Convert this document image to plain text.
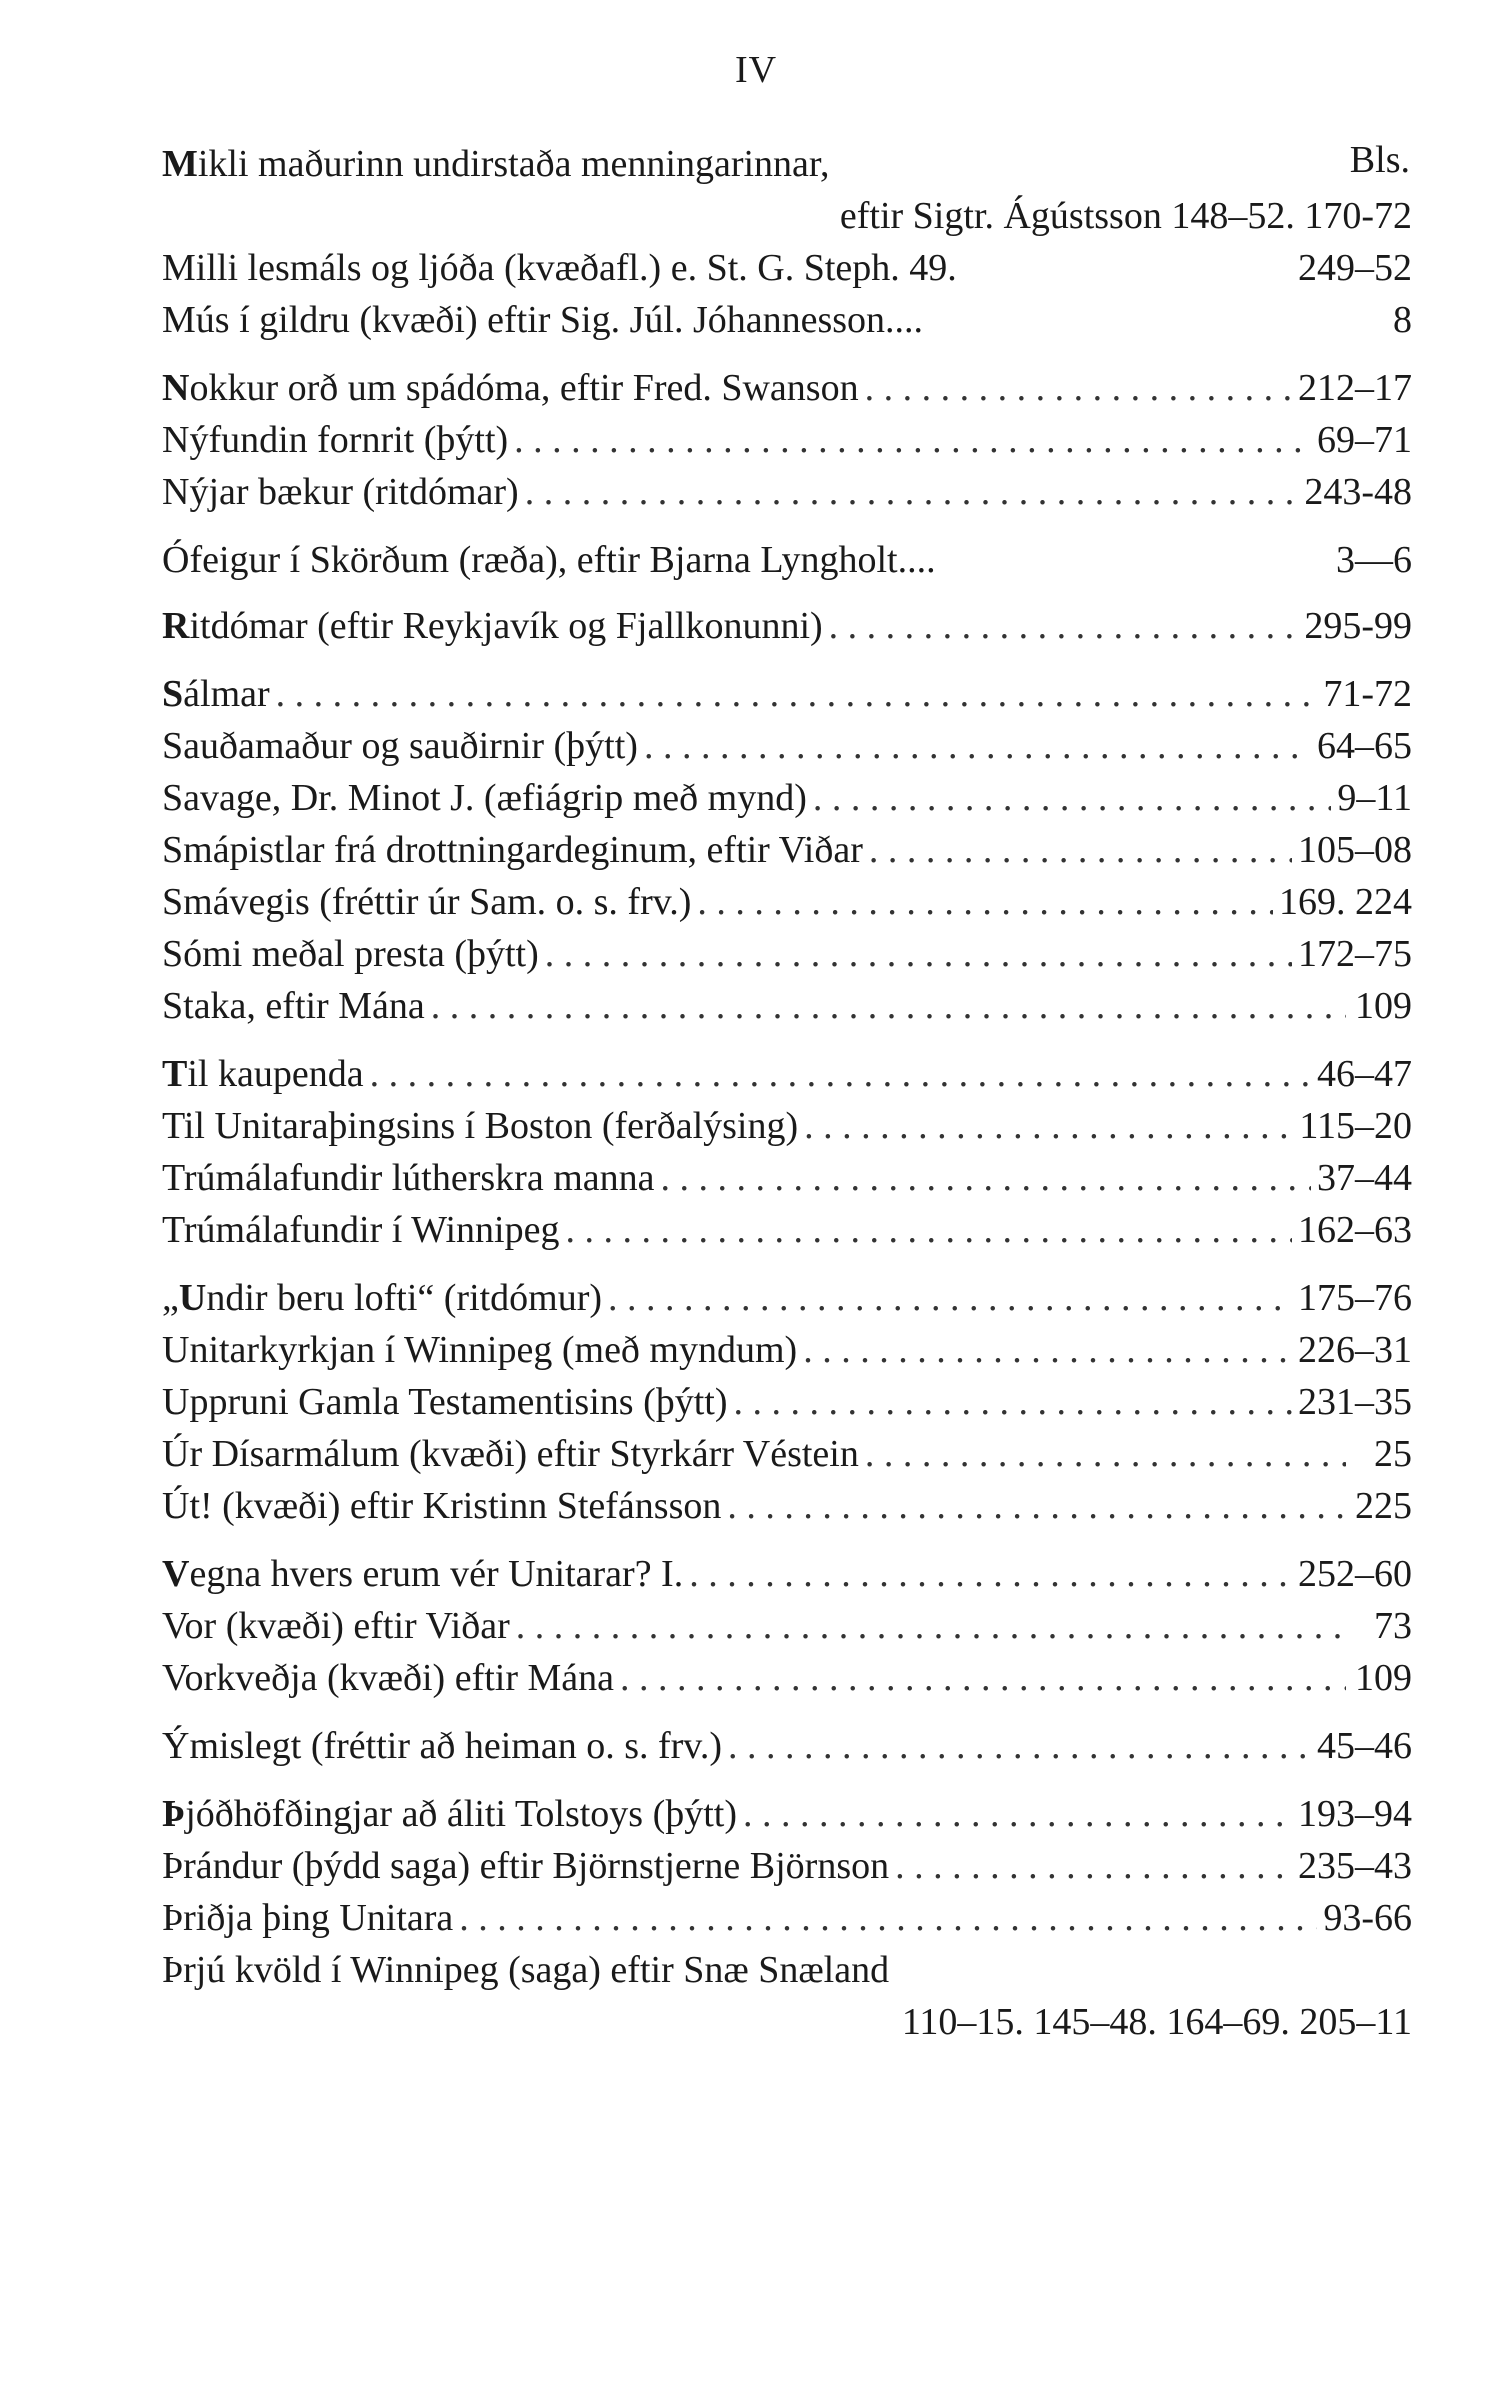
IV
Bls.
Mikli maðurinn undirstaða menningarinnar,
eftir Sigtr. Ágústsson 148–52. 170-72
Milli lesmáls og ljóða (kvæðafl.) e. St. G. Steph. 49.	249–52
Mús í gildru (kvæði) eftir Sig. Júl. Jóhannesson....	8
Nokkur orð um spádóma, eftir Fred. Swanson . . .	212–17
Nýfundin fornrit (þýtt) . . .	69–71
Nýjar bækur (ritdómar) . . .	243-48
Ófeigur í Skörðum (ræða), eftir Bjarna Lyngholt....	3—6
Ritdómar (eftir Reykjavík og Fjallkonunni) . . .	295-99
Sálmar . . .	71-72
Sauðamaður og sauðirnir (þýtt) . . .	64–65
Savage, Dr. Minot J. (æfiágrip með mynd) . . .	9–11
Smápistlar frá drottningardeginum, eftir Viðar . . .	105–08
Smávegis (fréttir úr Sam. o. s. frv.) . . .	169. 224
Sómi meðal presta (þýtt) . . .	172–75
Staka, eftir Mána . . .	109
Til kaupenda . . .	46–47
Til Unitaraþingsins í Boston (ferðalýsing) . . .	115–20
Trúmálafundir lútherskra manna . . .	37–44
Trúmálafundir í Winnipeg . . .	162–63
„Undir beru lofti“ (ritdómur) . . .	175–76
Unitarkyrkjan í Winnipeg (með myndum) . . .	226–31
Uppruni Gamla Testamentisins (þýtt) . . .	231–35
Úr Dísarmálum (kvæði) eftir Styrkárr Véstein . . .	25
Út! (kvæði) eftir Kristinn Stefánsson . . .	225
Vegna hvers erum vér Unitarar? I. . . .	252–60
Vor (kvæði) eftir Viðar . . .	73
Vorkveðja (kvæði) eftir Mána . . .	109
Ýmislegt (fréttir að heiman o. s. frv.) . . .	45–46
Þjóðhöfðingjar að áliti Tolstoys (þýtt) . . .	193–94
Þrándur (þýdd saga) eftir Björnstjerne Björnson . . .	235–43
Þriðja þing Unitara . . .	93-66
Þrjú kvöld í Winnipeg (saga) eftir Snæ Snæland
110–15. 145–48. 164–69. 205–11
